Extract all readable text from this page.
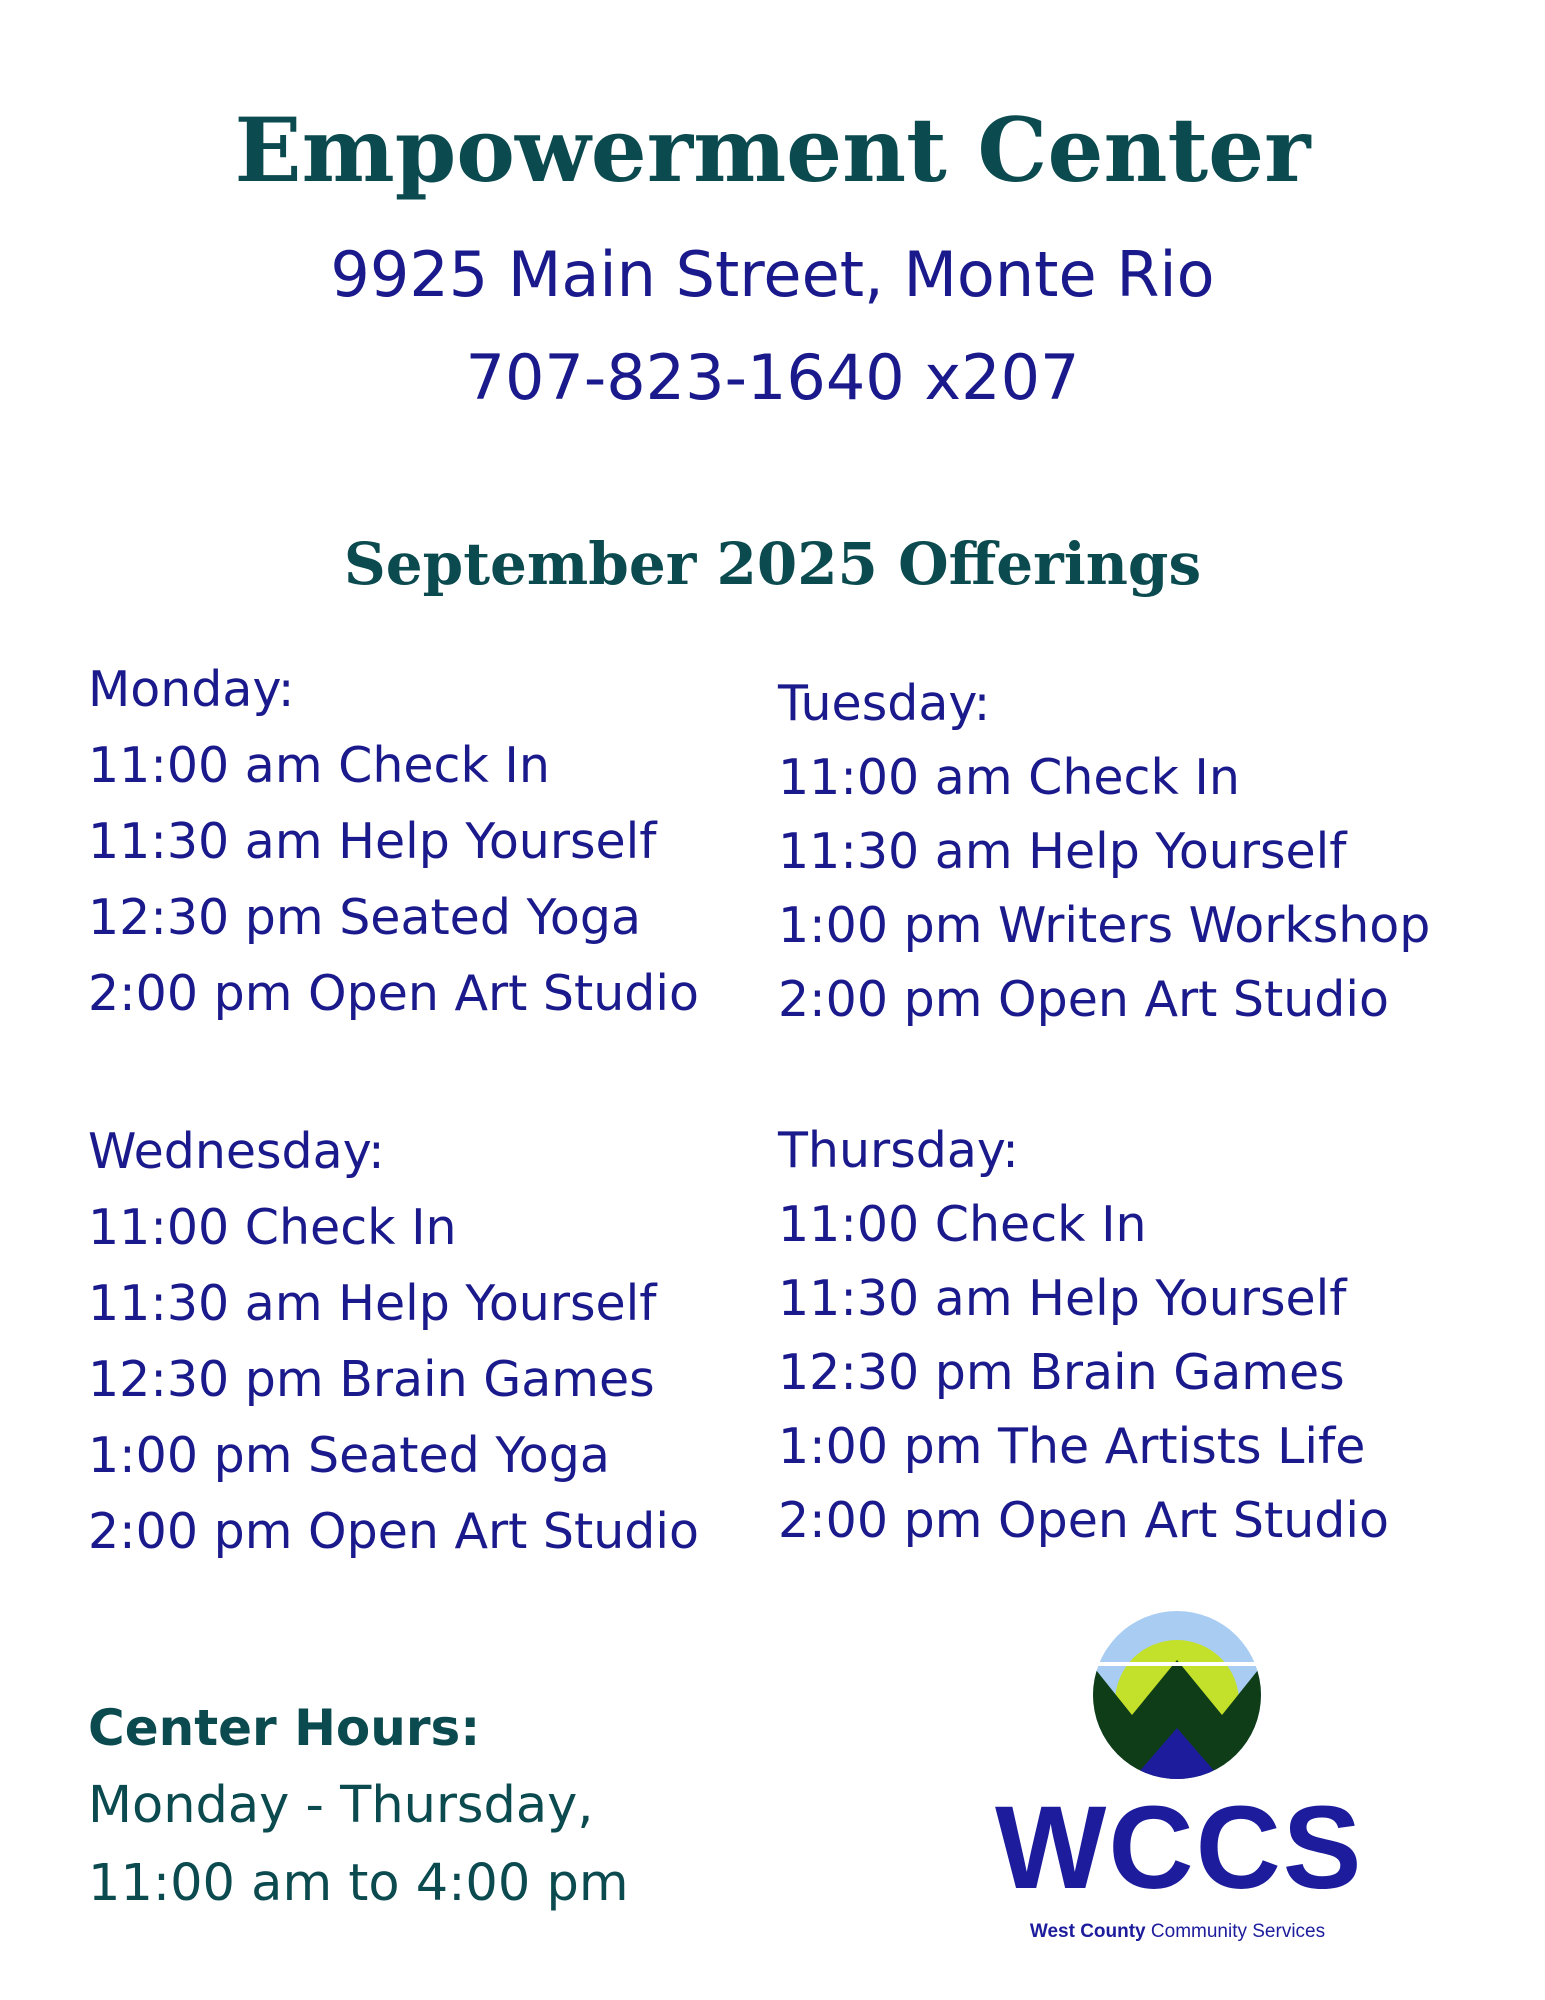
Empowerment Center
9925 Main Street, Monte Rio
707-823-1640 x207
September 2025 Offerings
Monday:
11:00 am Check In
11:30 am Help Yourself
12:30 pm Seated Yoga
2:00 pm Open Art Studio
Tuesday:
11:00 am Check In
11:30 am Help Yourself
1:00 pm Writers Workshop
2:00 pm Open Art Studio
Wednesday:
11:00 Check In
11:30 am Help Yourself
12:30 pm Brain Games
1:00 pm Seated Yoga
2:00 pm Open Art Studio
Thursday:
11:00 Check In
11:30 am Help Yourself
12:30 pm Brain Games
1:00 pm The Artists Life
2:00 pm Open Art Studio
Center Hours:
Monday - Thursday,
11:00 am to 4:00 pm	WCCS
West County Community Services
